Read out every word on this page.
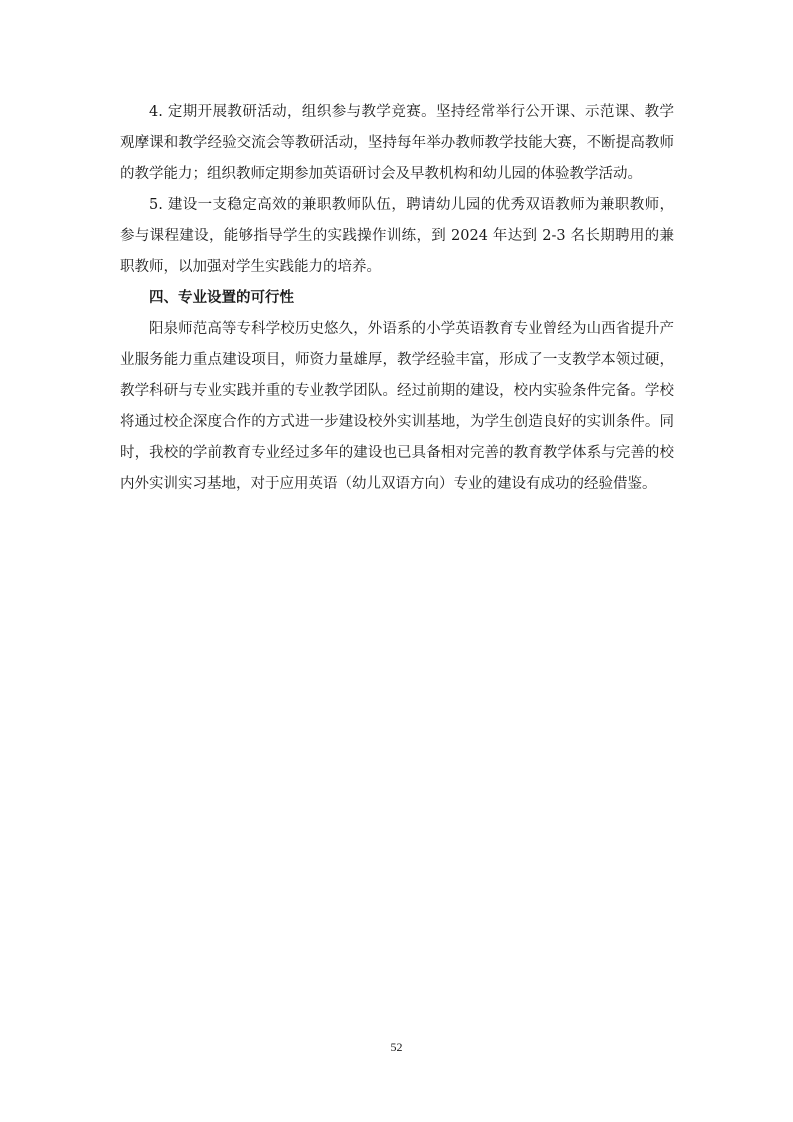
4. 定期开展教研活动，组织参与教学竞赛。坚持经常举行公开课、示范课、教学观摩课和教学经验交流会等教研活动，坚持每年举办教师教学技能大赛，不断提高教师的教学能力；组织教师定期参加英语研讨会及早教机构和幼儿园的体验教学活动。

5. 建设一支稳定高效的兼职教师队伍，聘请幼儿园的优秀双语教师为兼职教师，参与课程建设，能够指导学生的实践操作训练，到 2024 年达到 2-3 名长期聘用的兼职教师，以加强对学生实践能力的培养。

四、专业设置的可行性

阳泉师范高等专科学校历史悠久，外语系的小学英语教育专业曾经为山西省提升产业服务能力重点建设项目，师资力量雄厚，教学经验丰富，形成了一支教学本领过硬，教学科研与专业实践并重的专业教学团队。经过前期的建设，校内实验条件完备。学校将通过校企深度合作的方式进一步建设校外实训基地，为学生创造良好的实训条件。同时，我校的学前教育专业经过多年的建设也已具备相对完善的教育教学体系与完善的校内外实训实习基地，对于应用英语（幼儿双语方向）专业的建设有成功的经验借鉴。

52
